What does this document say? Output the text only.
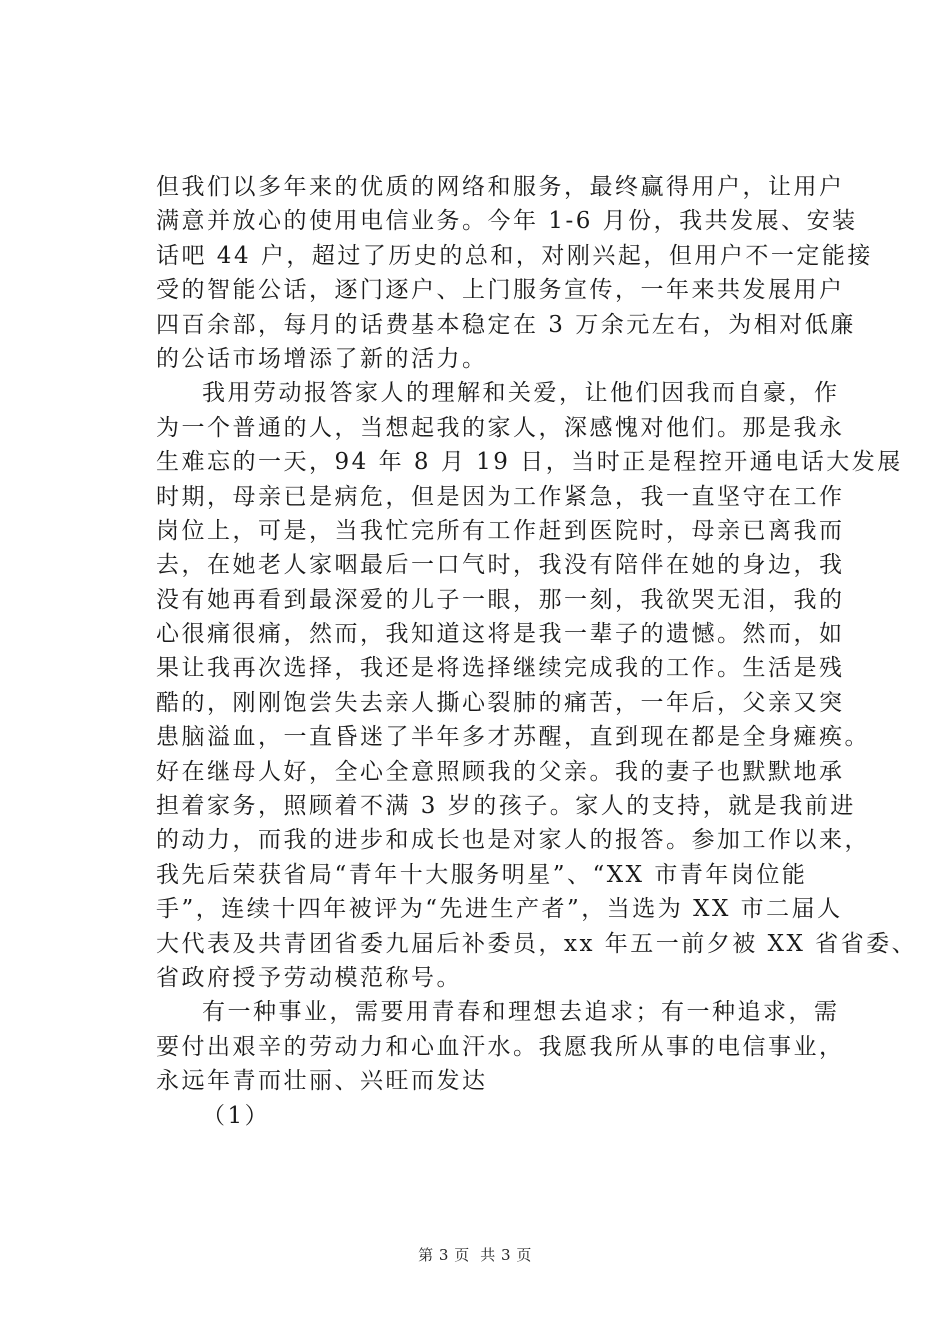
但我们以多年来的优质的网络和服务，最终赢得用户，让用户
满意并放心的使用电信业务。今年 1-6 月份，我共发展、安装
话吧 44 户，超过了历史的总和，对刚兴起，但用户不一定能接
受的智能公话，逐门逐户、上门服务宣传，一年来共发展用户
四百余部，每月的话费基本稳定在 3 万余元左右，为相对低廉
的公话市场增添了新的活力。
我用劳动报答家人的理解和关爱，让他们因我而自豪，作
为一个普通的人，当想起我的家人，深感愧对他们。那是我永
生难忘的一天，94 年 8 月 19 日，当时正是程控开通电话大发展
时期，母亲已是病危，但是因为工作紧急，我一直坚守在工作
岗位上，可是，当我忙完所有工作赶到医院时，母亲已离我而
去，在她老人家咽最后一口气时，我没有陪伴在她的身边，我
没有她再看到最深爱的儿子一眼，那一刻，我欲哭无泪，我的
心很痛很痛，然而，我知道这将是我一辈子的遗憾。然而，如
果让我再次选择，我还是将选择继续完成我的工作。生活是残
酷的，刚刚饱尝失去亲人撕心裂肺的痛苦，一年后，父亲又突
患脑溢血，一直昏迷了半年多才苏醒，直到现在都是全身瘫痪。
好在继母人好，全心全意照顾我的父亲。我的妻子也默默地承
担着家务，照顾着不满 3 岁的孩子。家人的支持，就是我前进
的动力，而我的进步和成长也是对家人的报答。参加工作以来，
我先后荣获省局“青年十大服务明星”、“XX 市青年岗位能
手”，连续十四年被评为“先进生产者”，当选为 XX 市二届人
大代表及共青团省委九届后补委员，xx 年五一前夕被 XX 省省委、
省政府授予劳动模范称号。
有一种事业，需要用青春和理想去追求；有一种追求，需
要付出艰辛的劳动力和心血汗水。我愿我所从事的电信事业，
永远年青而壮丽、兴旺而发达
（1）
第 3 页  共 3 页
